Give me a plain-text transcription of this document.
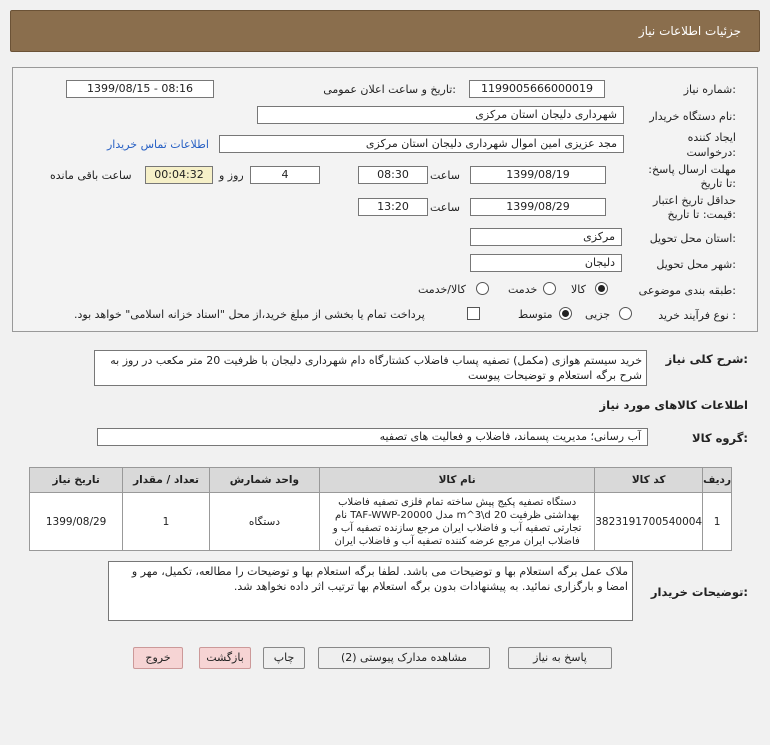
جزئیات اطلاعات نیاز
شماره نیاز:
1199005666000019
تاریخ و ساعت اعلان عمومی:
1399/08/15 - 08:16
نام دستگاه خریدار:
شهرداری دلیجان استان مرکزی
ایجاد کننده درخواست:
مجد عزیزی امین اموال شهرداری دلیجان استان مرکزی
اطلاعات تماس خریدار
مهلت ارسال پاسخ: تا تاریخ:
1399/08/19
ساعت
08:30
4
روز و
00:04:32
ساعت باقی مانده
حداقل تاریخ اعتبار قیمت: تا تاریخ:
1399/08/29
ساعت
13:20
استان محل تحویل:
مرکزی
شهر محل تحویل:
دلیجان
طبقه بندی موضوعی:
کالا
خدمت
کالا/خدمت
نوع فرآیند خرید :
جزیی
متوسط
پرداخت تمام یا بخشی از مبلغ خرید،از محل "اسناد خزانه اسلامی" خواهد بود.
شرح کلی نیاز:
خرید سیستم هوازی (مکمل) تصفیه پساب فاضلاب کشتارگاه دام شهرداری دلیجان با ظرفیت 20 متر مکعب در روز به شرح برگه استعلام و توضیحات پیوست
اطلاعات کالاهای مورد نیاز
گروه کالا:
آب رسانی؛ مدیریت پسماند، فاضلاب و فعالیت های تصفیه
ردیف	کد کالا	نام کالا	واحد شمارش	تعداد / مقدار	تاریخ نیاز
1	3823191700540004	دستگاه تصفیه پکیج پیش ساخته تمام فلزی تصفیه فاضلاب بهداشتی ظرفیت m^3\d 20 مدل TAF-WWP-20000 نام تجارتی تصفیه آب و فاضلاب ایران مرجع سازنده تصفیه آب و فاضلاب ایران مرجع عرضه کننده تصفیه آب و فاضلاب ایران	دستگاه	1	1399/08/29
توضیحات خریدار:
ملاک عمل برگه استعلام بها و توضیحات می باشد. لطفا برگه استعلام بها و توضیحات را مطالعه، تکمیل، مهر و امضا و بارگزاری نمائید. به پیشنهادات بدون برگه استعلام بها ترتیب اثر داده نخواهد شد.
پاسخ به نیاز
مشاهده مدارک پیوستی (2)
چاپ
بازگشت
خروج
